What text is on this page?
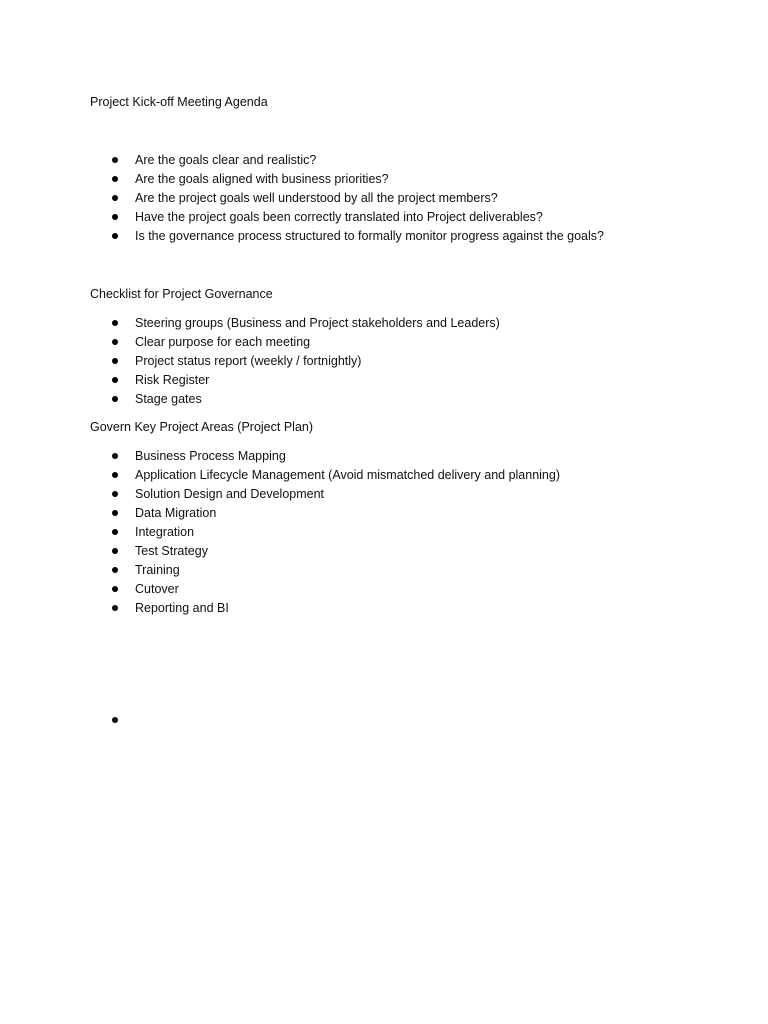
Project Kick-off Meeting Agenda
Are the goals clear and realistic?
Are the goals aligned with business priorities?
Are the project goals well understood by all the project members?
Have the project goals been correctly translated into Project deliverables?
Is the governance process structured to formally monitor progress against the goals?
Checklist for Project Governance
Steering groups (Business and Project stakeholders and Leaders)
Clear purpose for each meeting
Project status report (weekly / fortnightly)
Risk Register
Stage gates
Govern Key Project Areas (Project Plan)
Business Process Mapping
Application Lifecycle Management (Avoid mismatched delivery and planning)
Solution Design and Development
Data Migration
Integration
Test Strategy
Training
Cutover
Reporting and BI
